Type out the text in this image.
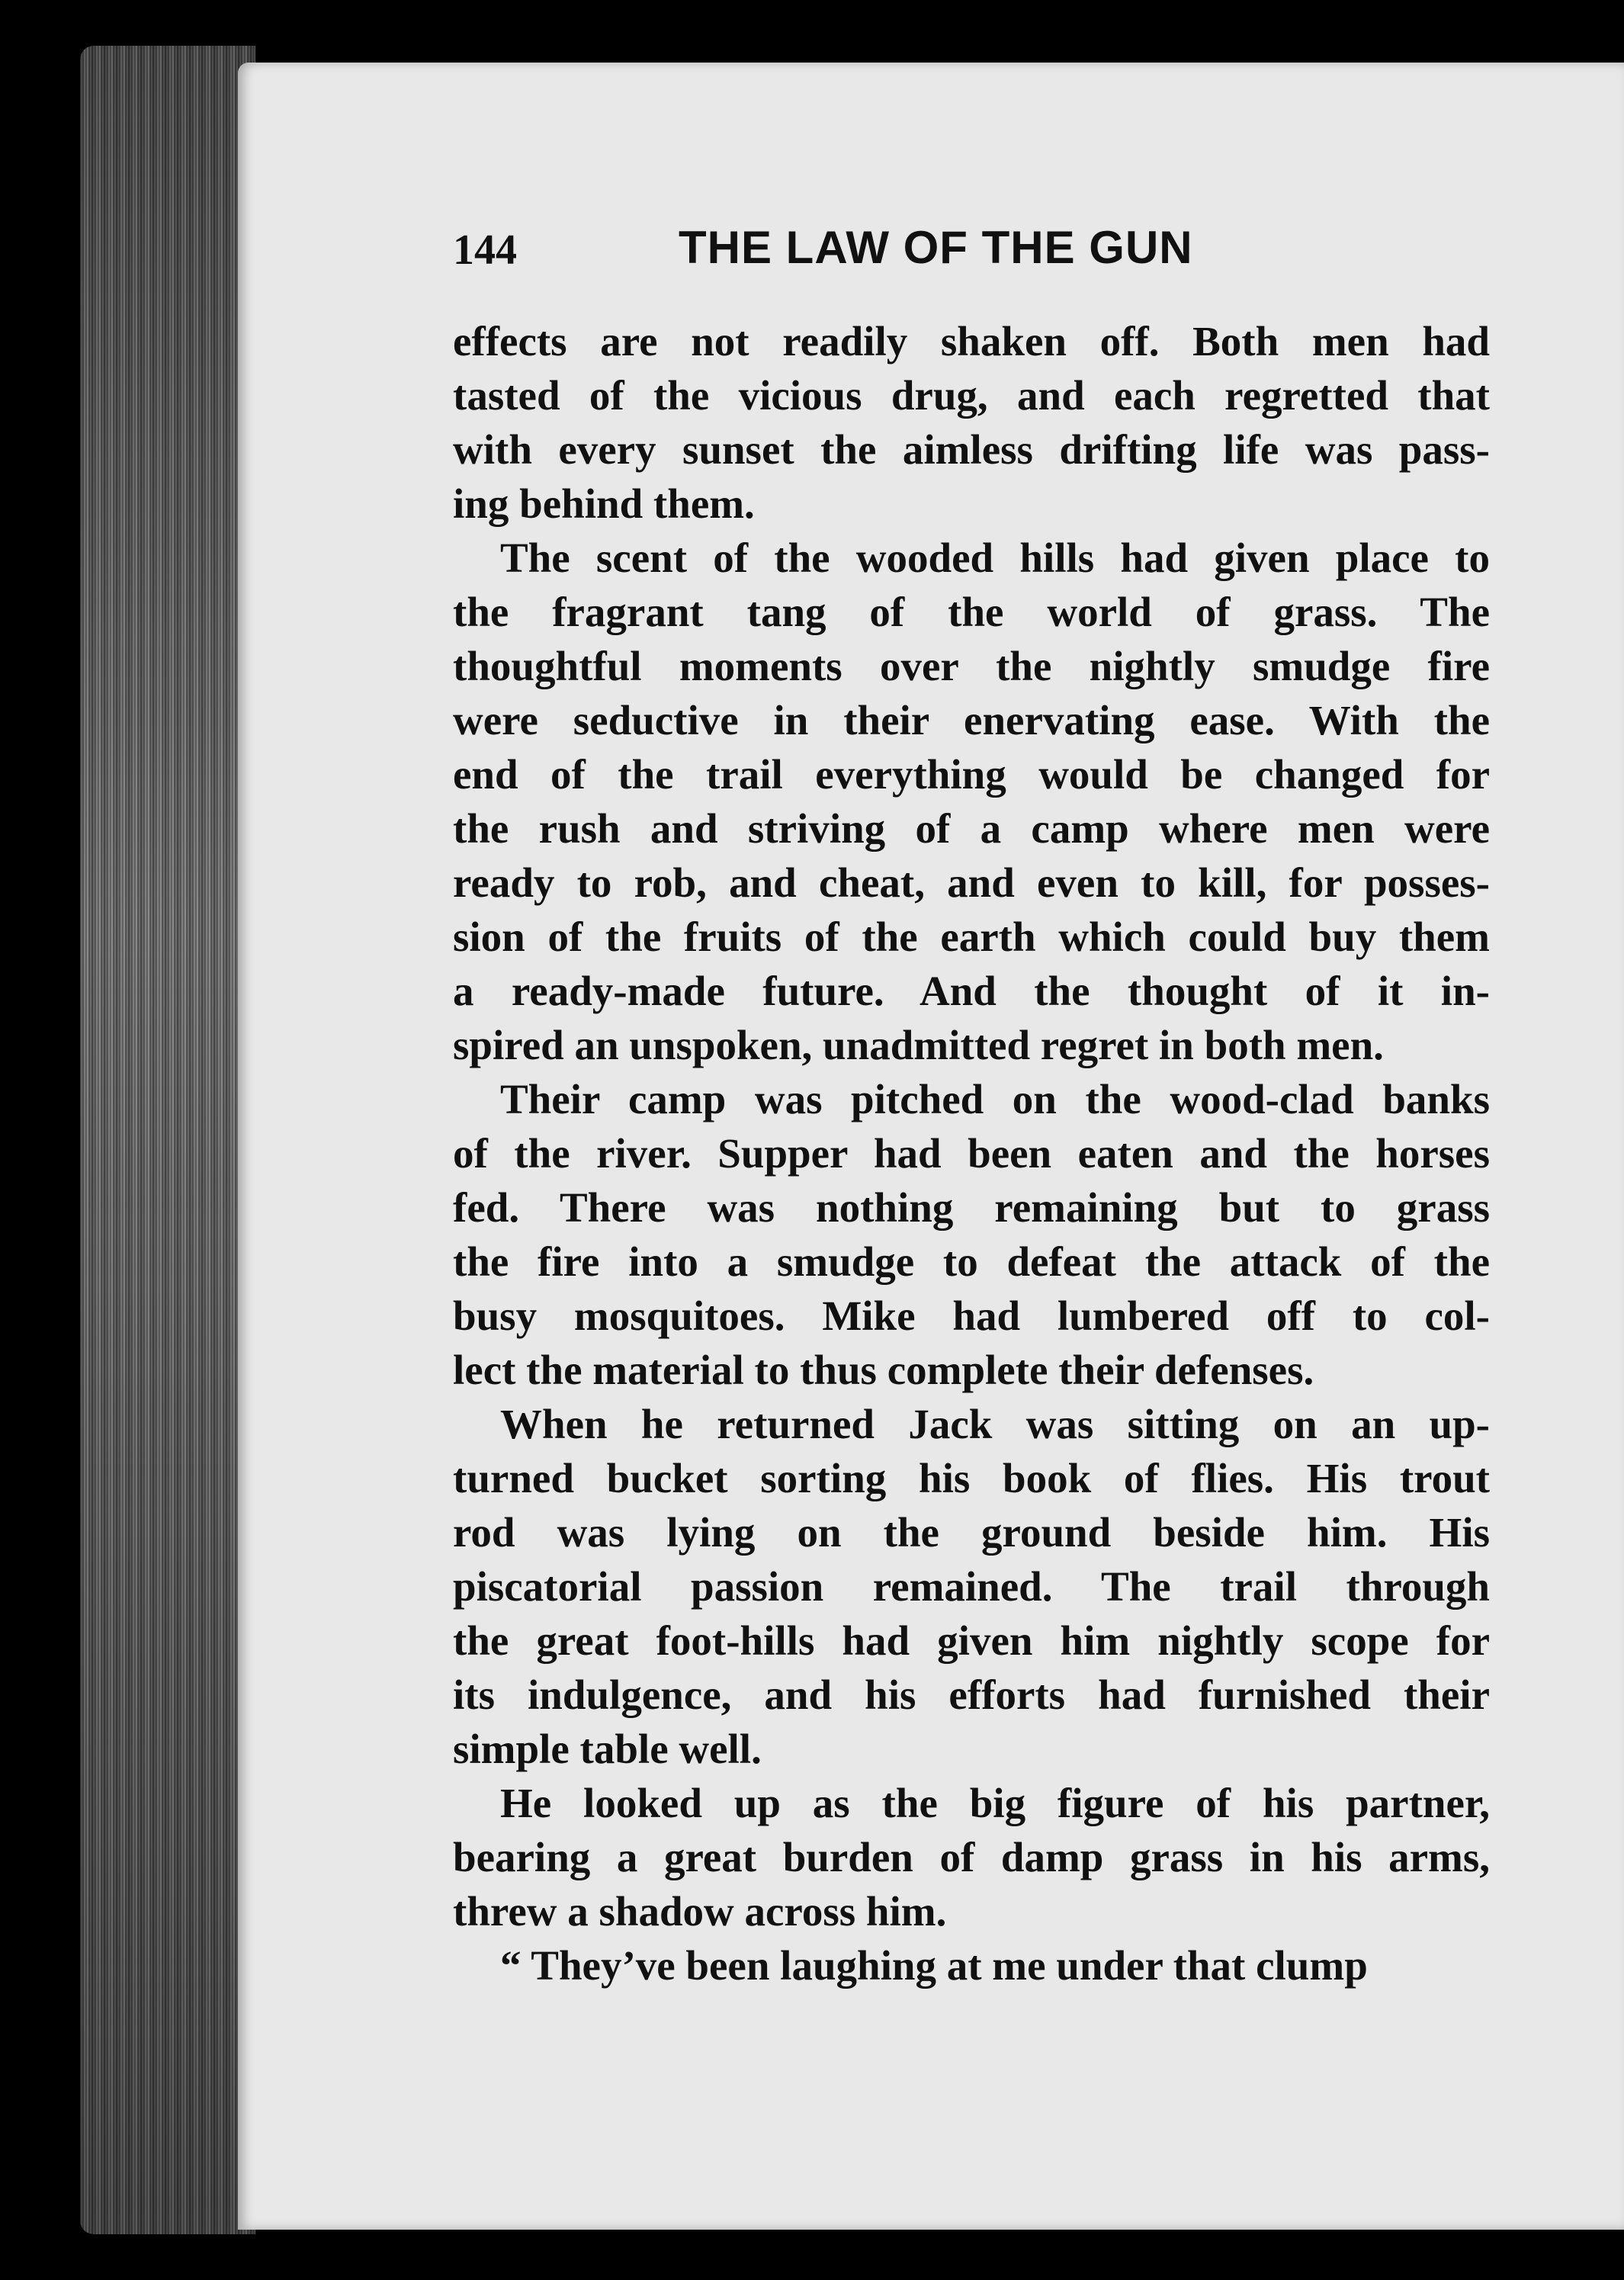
144	THE LAW OF THE GUN
effects are not readily shaken off. Both men had
tasted of the vicious drug, and each regretted that
with every sunset the aimless drifting life was pass-
ing behind them.
The scent of the wooded hills had given place to
the fragrant tang of the world of grass. The
thoughtful moments over the nightly smudge fire
were seductive in their enervating ease. With the
end of the trail everything would be changed for
the rush and striving of a camp where men were
ready to rob, and cheat, and even to kill, for posses-
sion of the fruits of the earth which could buy them
a ready-made future. And the thought of it in-
spired an unspoken, unadmitted regret in both men.
Their camp was pitched on the wood-clad banks
of the river. Supper had been eaten and the horses
fed. There was nothing remaining but to grass
the fire into a smudge to defeat the attack of the
busy mosquitoes. Mike had lumbered off to col-
lect the material to thus complete their defenses.
When he returned Jack was sitting on an up-
turned bucket sorting his book of flies. His trout
rod was lying on the ground beside him. His
piscatorial passion remained. The trail through
the great foot-hills had given him nightly scope for
its indulgence, and his efforts had furnished their
simple table well.
He looked up as the big figure of his partner,
bearing a great burden of damp grass in his arms,
threw a shadow across him.
“ They’ve been laughing at me under that clump
